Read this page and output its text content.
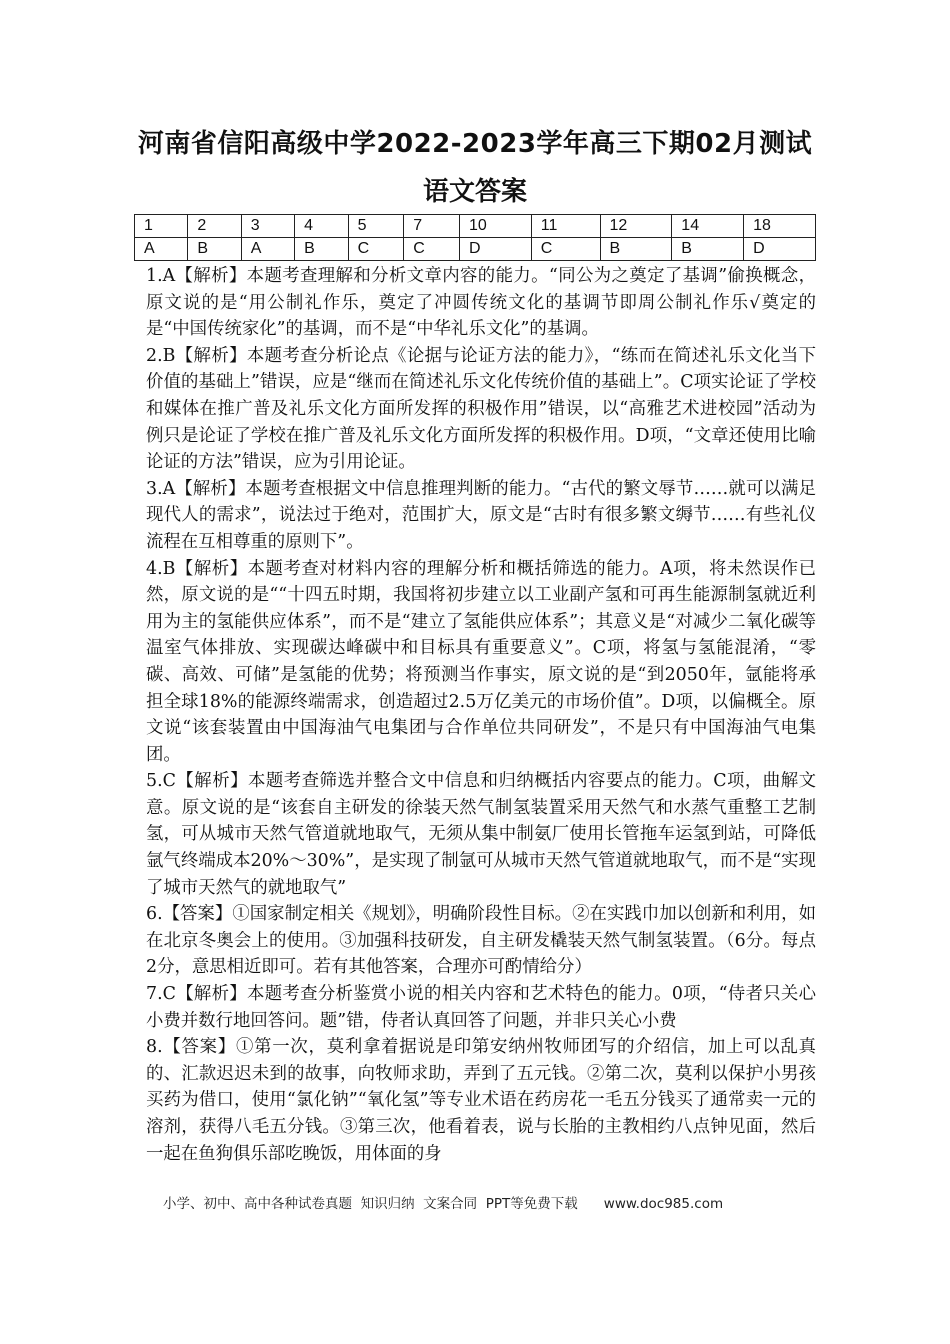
河南省信阳高级中学2022-2023学年高三下期02月测试
语文答案
1	2	3	4	5	7	10	11	12	14	18
A	B	A	B	C	C	D	C	B	B	D

1.A【解析】本题考查理解和分析文章内容的能力。“同公为之奠定了基调”偷换概念，原文说的是“用公制礼作乐，奠定了冲圆传统文化的基调节即周公制礼作乐√奠定的是“中国传统家化”的基调，而不是“中华礼乐文化”的基调。

2.B【解析】本题考查分析论点《论据与论证方法的能力》，“练而在简述礼乐文化当下价值的基础上”错误，应是“继而在简述礼乐文化传统价值的基础上”。C项实论证了学校和媒体在推广普及礼乐文化方面所发挥的积极作用”错误，以“高雅艺术进校园”活动为例只是论证了学校在推广普及礼乐文化方面所发挥的积极作用。D项，“文章还使用比喻论证的方法”错误，应为引用论证。

3.A【解析】本题考查根据文中信息推理判断的能力。“古代的繁文辱节……就可以满足现代人的需求”，说法过于绝对，范围扩大，原文是“古时有很多繁文缛节……有些礼仪流程在互相尊重的原则下”。

4.B【解析】本题考查对材料内容的理解分析和概括筛选的能力。A项，将未然误作已然，原文说的是““十四五时期，我国将初步建立以工业副产氢和可再生能源制氢就近利用为主的氢能供应体系”，而不是“建立了氢能供应体系”；其意义是“对减少二氧化碳等温室气体排放、实现碳达峰碳中和目标具有重要意义”。C项，将氢与氢能混淆，“零碳、高效、可储”是氢能的优势；将预测当作事实，原文说的是“到2050年，氩能将承担全球18%的能源终端需求，创造超过2.5万亿美元的市场价值”。D项，以偏概全。原文说“该套装置由中国海油气电集团与合作单位共同研发”，不是只有中国海油气电集团。

5.C【解析】本题考查筛选并整合文中信息和归纳概括内容要点的能力。C项，曲解文意。原文说的是“该套自主研发的徐装天然气制氢装置采用天然气和水蒸气重整工艺制氢，可从城市天然气管道就地取气，无须从集中制氨厂使用长管拖车运氢到站，可降低氩气终端成本20%～30%”，是实现了制氩可从城市天然气管道就地取气，而不是“实现了城市天然气的就地取气”

6.【答案】①国家制定相关《规划》，明确阶段性目标。②在实践巾加以创新和利用，如在北京冬奥会上的使用。③加强科技研发，自主研发橇装天然气制氢装置。（6分。每点2分，意思相近即可。若有其他答案，合理亦可酌情给分）

7.C【解析】本题考查分析鉴赏小说的相关内容和艺术特色的能力。0项，“侍者只关心小费并数行地回答问。题”错，侍者认真回答了问题，并非只关心小费

8.【答案】①第一次，莫利拿着据说是印第安纳州牧师团写的介绍信，加上可以乱真的、汇款迟迟未到的故事，向牧师求助，弄到了五元钱。②第二次，莫利以保护小男孩买药为借口，使用“氯化钠”“氧化氢”等专业术语在药房花一毛五分钱买了通常卖一元的溶剂，获得八毛五分钱。③第三次，他看着表，说与长胎的主教相约八点钟见面，然后一起在鱼狗俱乐部吃晚饭，用体面的身

小学、初中、高中各种试卷真题  知识归纳  文案合同  PPT等免费下载 www.doc985.com
